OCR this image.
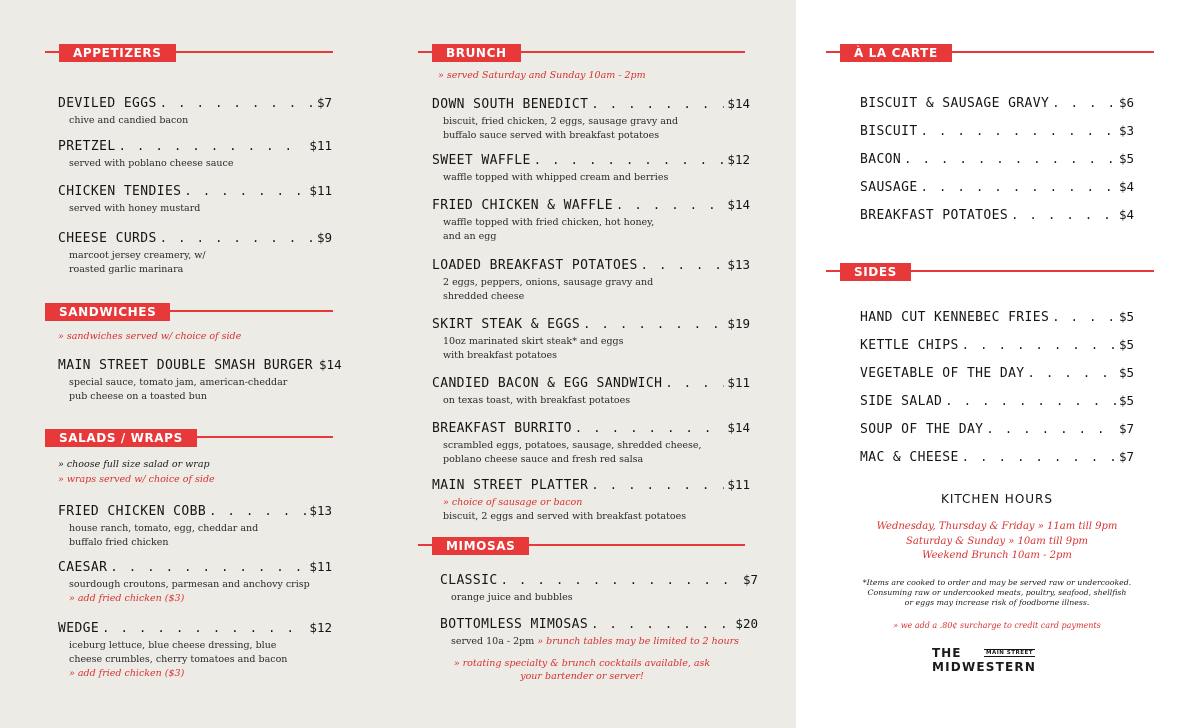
APPETIZERS
DEVILED EGGS . . .	$7
chive and candied bacon
PRETZEL . . .	$11
served with poblano cheese sauce
CHICKEN TENDIES . . .	$11
served with honey mustard
CHEESE CURDS . . .	$9
marcoot jersey creamery, w/
roasted garlic marinara
SANDWICHES
» sandwiches served w/ choice of side
MAIN STREET DOUBLE SMASH BURGER $14
special sauce, tomato jam, american-cheddar
pub cheese on a toasted bun
SALADS / WRAPS
» choose full size salad or wrap
» wraps served w/ choice of side
FRIED CHICKEN COBB . . .	$13
house ranch, tomato, egg, cheddar and
buffalo fried chicken
CAESAR . . .	$11
sourdough croutons, parmesan and anchovy crisp
» add fried chicken ($3)
WEDGE . . .	$12
iceburg lettuce, blue cheese dressing, blue
cheese crumbles, cherry tomatoes and bacon
» add fried chicken ($3)
BRUNCH
» served Saturday and Sunday 10am - 2pm
DOWN SOUTH BENEDICT . . .	$14
biscuit, fried chicken, 2 eggs, sausage gravy and
buffalo sauce served with breakfast potatoes
SWEET WAFFLE . . .	$12
waffle topped with whipped cream and berries
FRIED CHICKEN & WAFFLE . . .	$14
waffle topped with fried chicken, hot honey,
and an egg
LOADED BREAKFAST POTATOES . . .	$13
2 eggs, peppers, onions, sausage gravy and
shredded cheese
SKIRT STEAK & EGGS . . .	$19
10oz marinated skirt steak* and eggs
with breakfast potatoes
CANDIED BACON & EGG SANDWICH . . .	$11
on texas toast, with breakfast potatoes
BREAKFAST BURRITO . . .	$14
scrambled eggs, potatoes, sausage, shredded cheese,
poblano cheese sauce and fresh red salsa
MAIN STREET PLATTER . . .	$11
» choice of sausage or bacon
biscuit, 2 eggs and served with breakfast potatoes
MIMOSAS
CLASSIC . . .	$7
orange juice and bubbles
BOTTOMLESS MIMOSAS . . .	$20
served 10a - 2pm » brunch tables may be limited to 2 hours
» rotating specialty & brunch cocktails available, ask
your bartender or server!
À LA CARTE
BISCUIT & SAUSAGE GRAVY . . .	$6
BISCUIT . . .	$3
BACON . . .	$5
SAUSAGE . . .	$4
BREAKFAST POTATOES . . .	$4
SIDES
HAND CUT KENNEBEC FRIES . . .	$5
KETTLE CHIPS . . .	$5
VEGETABLE OF THE DAY . . .	$5
SIDE SALAD . . .	$5
SOUP OF THE DAY . . .	$7
MAC & CHEESE . . .	$7
KITCHEN HOURS
Wednesday, Thursday & Friday » 11am till 9pm
Saturday & Sunday » 10am till 9pm
Weekend Brunch 10am - 2pm
*Items are cooked to order and may be served raw or undercooked.
Consuming raw or undercooked meats, poultry, seafood, shellfish
or eggs may increase risk of foodborne illness.
» we add a .80¢ surcharge to credit card payments
THE	MAIN STREET
MIDWESTERN
